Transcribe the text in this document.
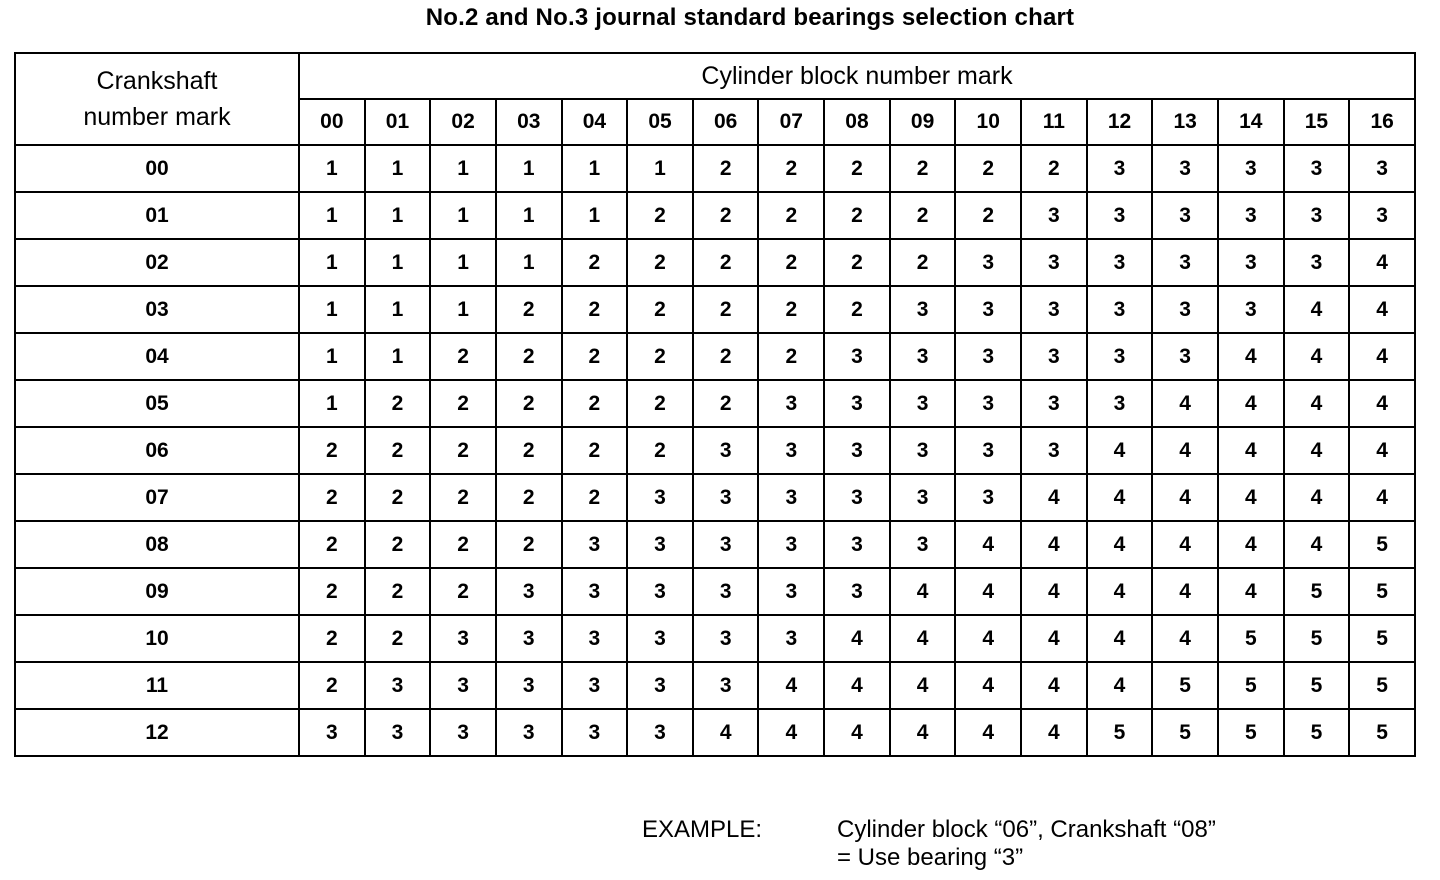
No.2 and No.3 journal standard bearings selection chart
Crankshaft
number mark	Cylinder block number mark																
	00	01	02	03	04	05	06	07	08	09	10	11	12	13	14	15	16
00	1	1	1	1	1	1	2	2	2	2	2	2	3	3	3	3	3
01	1	1	1	1	1	2	2	2	2	2	2	3	3	3	3	3	3
02	1	1	1	1	2	2	2	2	2	2	3	3	3	3	3	3	4
03	1	1	1	2	2	2	2	2	2	3	3	3	3	3	3	4	4
04	1	1	2	2	2	2	2	2	3	3	3	3	3	3	4	4	4
05	1	2	2	2	2	2	2	3	3	3	3	3	3	4	4	4	4
06	2	2	2	2	2	2	3	3	3	3	3	3	4	4	4	4	4
07	2	2	2	2	2	3	3	3	3	3	3	4	4	4	4	4	4
08	2	2	2	2	3	3	3	3	3	3	4	4	4	4	4	4	5
09	2	2	2	3	3	3	3	3	3	4	4	4	4	4	4	5	5
10	2	2	3	3	3	3	3	3	4	4	4	4	4	4	5	5	5
11	2	3	3	3	3	3	3	4	4	4	4	4	4	5	5	5	5
12	3	3	3	3	3	3	4	4	4	4	4	4	5	5	5	5	5
EXAMPLE:	Cylinder block “06”, Crankshaft “08”
= Use bearing “3”
